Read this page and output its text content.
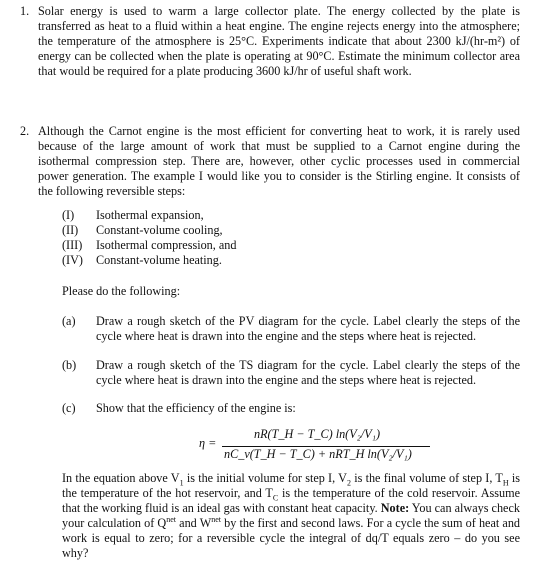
1. Solar energy is used to warm a large collector plate. The energy collected by the plate is transferred as heat to a fluid within a heat engine. The engine rejects energy into the atmosphere; the temperature of the atmosphere is 25°C. Experiments indicate that about 2300 kJ/(hr-m²) of energy can be collected when the plate is operating at 90°C. Estimate the minimum collector area that would be required for a plate producing 3600 kJ/hr of useful shaft work.
2. Although the Carnot engine is the most efficient for converting heat to work, it is rarely used because of the large amount of work that must be supplied to a Carnot engine during the isothermal compression step. There are, however, other cyclic processes used in commercial power generation. The example I would like you to consider is the Stirling engine. It consists of the following reversible steps:
(I)	Isothermal expansion,
(II)	Constant-volume cooling,
(III)	Isothermal compression, and
(IV)	Constant-volume heating.
Please do the following:
(a)	Draw a rough sketch of the PV diagram for the cycle. Label clearly the steps of the cycle where heat is drawn into the engine and the steps where heat is rejected.
(b)	Draw a rough sketch of the TS diagram for the cycle. Label clearly the steps of the cycle where heat is drawn into the engine and the steps where heat is rejected.
(c)	Show that the efficiency of the engine is:
η =
nR(T_H − T_C) ln(V₂/V₁)
nC_v(T_H − T_C) + nRT_H ln(V₂/V₁)
In the equation above $V_1$ is the initial volume for step I, $V_2$ is the final volume of step I, $T_H$ is the temperature of the hot reservoir, and $T_C$ is the temperature of the cold reservoir. Assume that the working fluid is an ideal gas with constant heat capacity. Note: You can always check your calculation of $Q^{net}$ and $W^{net}$ by the first and second laws. For a cycle the sum of heat and work is equal to zero; for a reversible cycle the integral of dq/T equals zero – do you see why?
